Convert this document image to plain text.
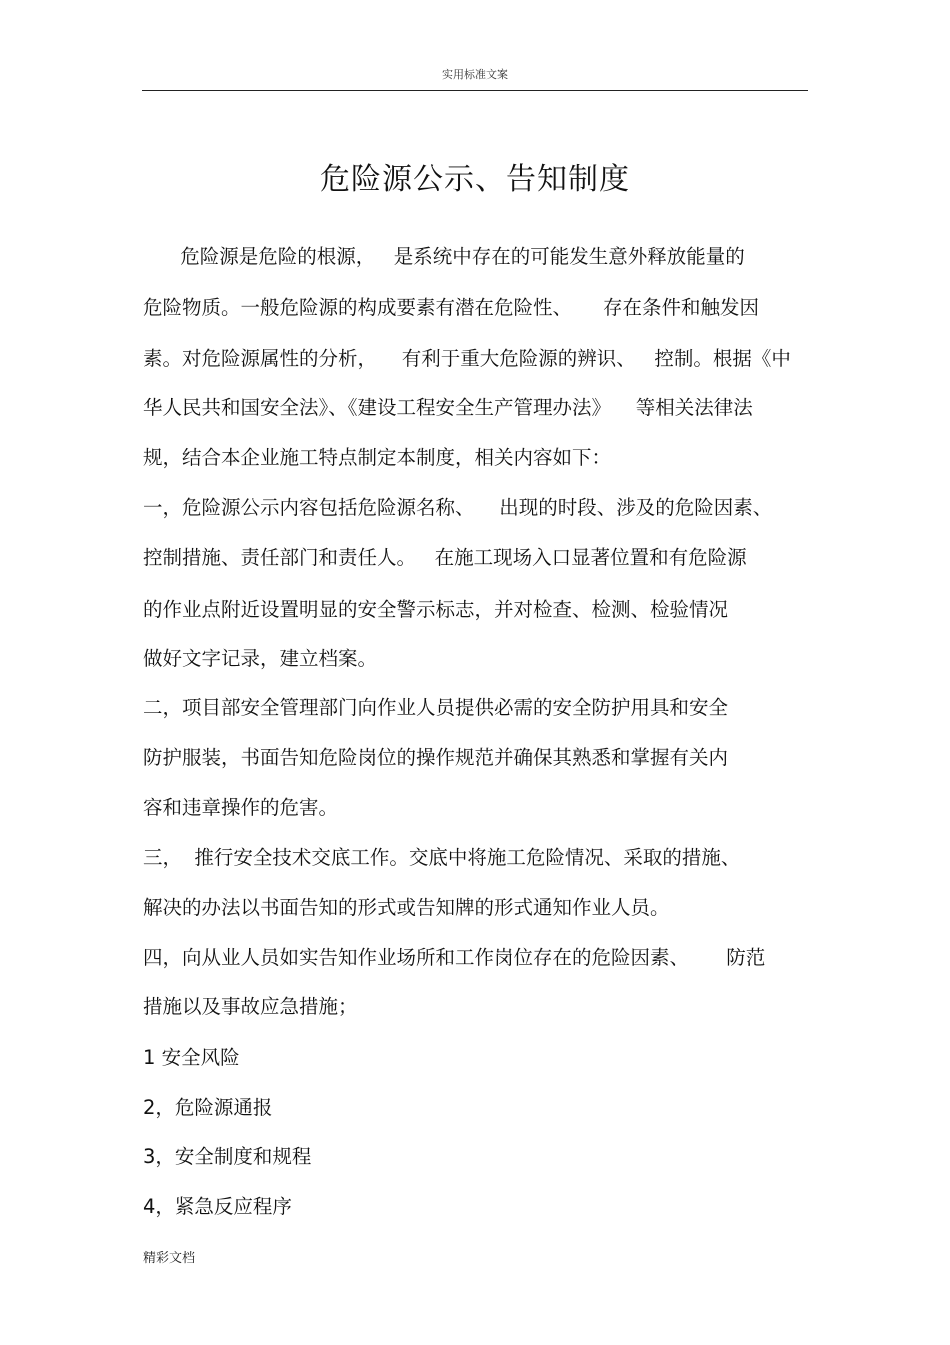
实用标准文案
危险源公示、告知制度
危险源是危险的根源，   是系统中存在的可能发生意外释放能量的
危险物质。一般危险源的构成要素有潜在危险性、     存在条件和触发因
素。对危险源属性的分析，    有利于重大危险源的辨识、   控制。根据《中
华人民共和国安全法》、《建设工程安全生产管理办法》    等相关法律法
规，结合本企业施工特点制定本制度，相关内容如下：
一，危险源公示内容包括危险源名称、    出现的时段、涉及的危险因素、
控制措施、责任部门和责任人。   在施工现场入口显著位置和有危险源
的作业点附近设置明显的安全警示标志，并对检查、检测、检验情况
做好文字记录，建立档案。
二，项目部安全管理部门向作业人员提供必需的安全防护用具和安全
防护服装，书面告知危险岗位的操作规范并确保其熟悉和掌握有关内
容和违章操作的危害。
三，  推行安全技术交底工作。交底中将施工危险情况、采取的措施、
解决的办法以书面告知的形式或告知牌的形式通知作业人员。
四，向从业人员如实告知作业场所和工作岗位存在的危险因素、      防范
措施以及事故应急措施；
1 安全风险
2，危险源通报
3，安全制度和规程
4，紧急反应程序
精彩文档
